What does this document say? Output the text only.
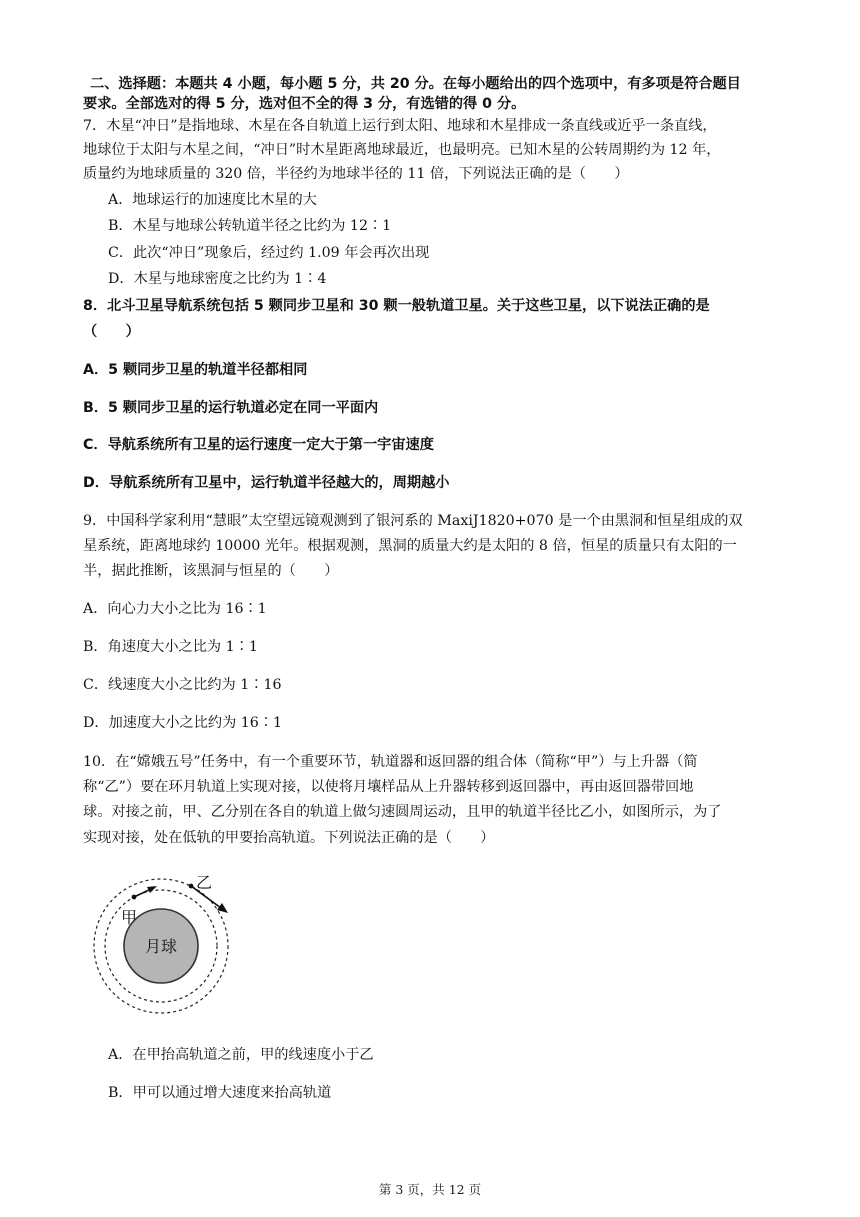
二、选择题：本题共 4 小题，每小题 5 分，共 20 分。在每小题给出的四个选项中，有多项是符合题目
要求。全部选对的得 5 分，选对但不全的得 3 分，有选错的得 0 分。
7．木星“冲日”是指地球、木星在各自轨道上运行到太阳、地球和木星排成一条直线或近乎一条直线，
地球位于太阳与木星之间，“冲日”时木星距离地球最近，也最明亮。已知木星的公转周期约为 12 年，
质量约为地球质量的 320 倍，半径约为地球半径的 11 倍，下列说法正确的是（　　）
A．地球运行的加速度比木星的大
B．木星与地球公转轨道半径之比约为 12∶1
C．此次“冲日”现象后，经过约 1.09 年会再次出现
D．木星与地球密度之比约为 1∶4
8．北斗卫星导航系统包括 5 颗同步卫星和 30 颗一般轨道卫星。关于这些卫星，以下说法正确的是
（　　）
A．5 颗同步卫星的轨道半径都相同
B．5 颗同步卫星的运行轨道必定在同一平面内
C．导航系统所有卫星的运行速度一定大于第一宇宙速度
D．导航系统所有卫星中，运行轨道半径越大的，周期越小
9．中国科学家利用“慧眼”太空望远镜观测到了银河系的 MaxiJ1820+070 是一个由黑洞和恒星组成的双
星系统，距离地球约 10000 光年。根据观测，黑洞的质量大约是太阳的 8 倍，恒星的质量只有太阳的一
半，据此推断，该黑洞与恒星的（　　）
A．向心力大小之比为 16∶1
B．角速度大小之比为 1∶1
C．线速度大小之比约为 1∶16
D．加速度大小之比约为 16∶1
10．在“嫦娥五号”任务中，有一个重要环节，轨道器和返回器的组合体（简称“甲”）与上升器（简
称“乙”）要在环月轨道上实现对接，以使将月壤样品从上升器转移到返回器中，再由返回器带回地
球。对接之前，甲、乙分别在各自的轨道上做匀速圆周运动，且甲的轨道半径比乙小，如图所示，为了
实现对接，处在低轨的甲要抬高轨道。下列说法正确的是（　　）
月球
甲
乙
A．在甲抬高轨道之前，甲的线速度小于乙
B．甲可以通过增大速度来抬高轨道
第 3 页，共 12 页
